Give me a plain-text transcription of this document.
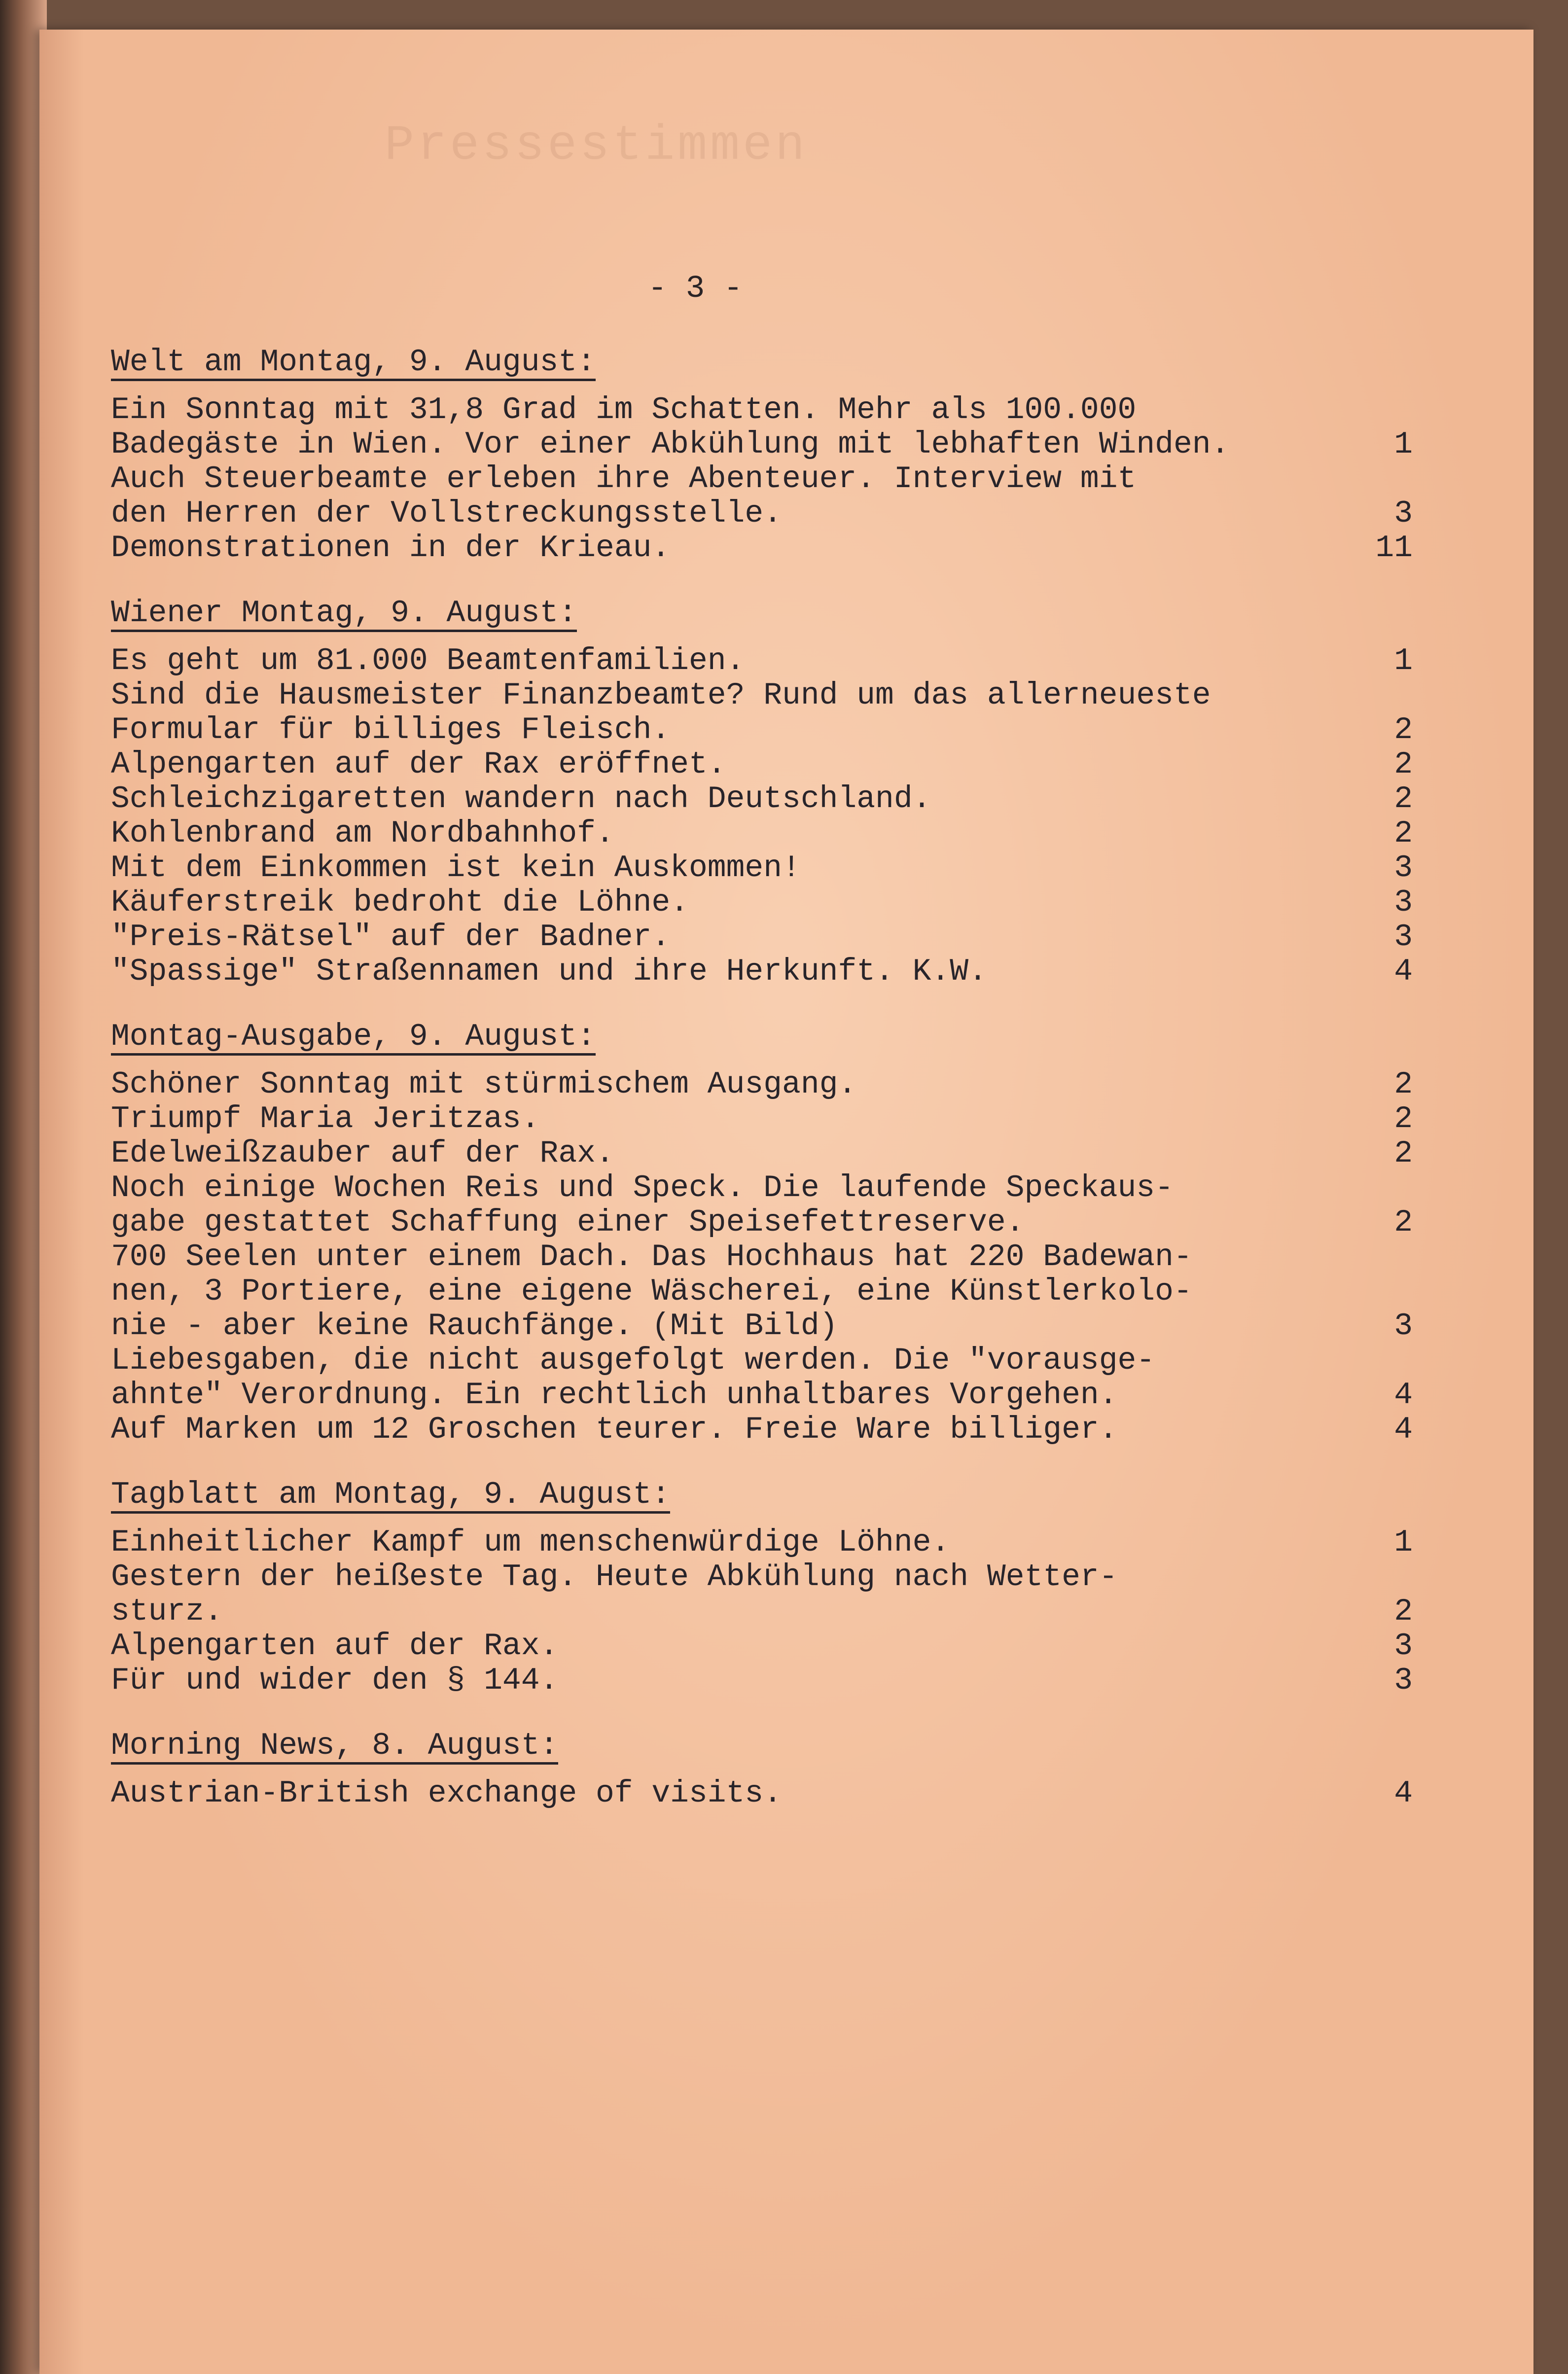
Pressestimmen

- 3 -

Welt am Montag, 9. August:
Ein Sonntag mit 31,8 Grad im Schatten. Mehr als 100.000
Badegäste in Wien. Vor einer Abkühlung mit lebhaften Winden.	1
Auch Steuerbeamte erleben ihre Abenteuer. Interview mit
den Herren der Vollstreckungsstelle.	3
Demonstrationen in der Krieau.	11
Wiener Montag, 9. August:
Es geht um 81.000 Beamtenfamilien.	1
Sind die Hausmeister Finanzbeamte? Rund um das allerneueste
Formular für billiges Fleisch.	2
Alpengarten auf der Rax eröffnet.	2
Schleichzigaretten wandern nach Deutschland.	2
Kohlenbrand am Nordbahnhof.	2
Mit dem Einkommen ist kein Auskommen!	3
Käuferstreik bedroht die Löhne.	3
"Preis-Rätsel" auf der Badner.	3
"Spassige" Straßennamen und ihre Herkunft. K.W.	4
Montag-Ausgabe, 9. August:
Schöner Sonntag mit stürmischem Ausgang.	2
Triumpf Maria Jeritzas.	2
Edelweißzauber auf der Rax.	2
Noch einige Wochen Reis und Speck. Die laufende Speckaus-
gabe gestattet Schaffung einer Speisefettreserve.	2
700 Seelen unter einem Dach. Das Hochhaus hat 220 Badewan-
nen, 3 Portiere, eine eigene Wäscherei, eine Künstlerkolo-
nie - aber keine Rauchfänge. (Mit Bild)	3
Liebesgaben, die nicht ausgefolgt werden. Die "vorausge-
ahnte" Verordnung. Ein rechtlich unhaltbares Vorgehen.	4
Auf Marken um 12 Groschen teurer. Freie Ware billiger.	4
Tagblatt am Montag, 9. August:
Einheitlicher Kampf um menschenwürdige Löhne.	1
Gestern der heißeste Tag. Heute Abkühlung nach Wetter-
sturz.	2
Alpengarten auf der Rax.	3
Für und wider den § 144.	3
Morning News, 8. August:
Austrian-British exchange of visits.	4
